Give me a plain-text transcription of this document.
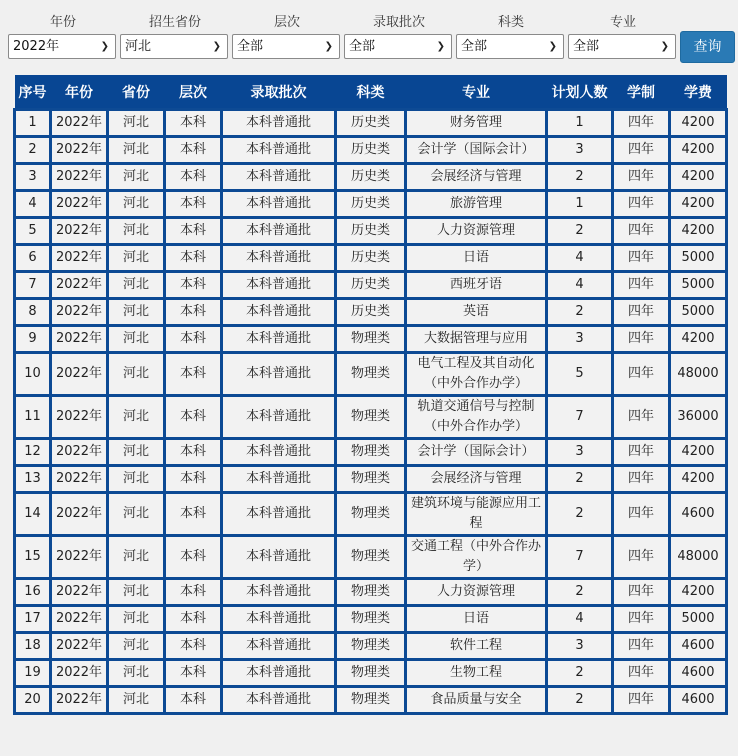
年份
2022年	❯
招生省份
河北	❯
层次
全部	❯
录取批次
全部	❯
科类
全部	❯
专业
全部	❯	查询
序号	年份	省份	层次	录取批次	科类	专业	计划人数	学制	学费
1	2022年	河北	本科	本科普通批	历史类	财务管理	1	四年	4200
2	2022年	河北	本科	本科普通批	历史类	会计学（国际会计）	3	四年	4200
3	2022年	河北	本科	本科普通批	历史类	会展经济与管理	2	四年	4200
4	2022年	河北	本科	本科普通批	历史类	旅游管理	1	四年	4200
5	2022年	河北	本科	本科普通批	历史类	人力资源管理	2	四年	4200
6	2022年	河北	本科	本科普通批	历史类	日语	4	四年	5000
7	2022年	河北	本科	本科普通批	历史类	西班牙语	4	四年	5000
8	2022年	河北	本科	本科普通批	历史类	英语	2	四年	5000
9	2022年	河北	本科	本科普通批	物理类	大数据管理与应用	3	四年	4200
10	2022年	河北	本科	本科普通批	物理类	电气工程及其自动化（中外合作办学）	5	四年	48000
11	2022年	河北	本科	本科普通批	物理类	轨道交通信号与控制（中外合作办学）	7	四年	36000
12	2022年	河北	本科	本科普通批	物理类	会计学（国际会计）	3	四年	4200
13	2022年	河北	本科	本科普通批	物理类	会展经济与管理	2	四年	4200
14	2022年	河北	本科	本科普通批	物理类	建筑环境与能源应用工程	2	四年	4600
15	2022年	河北	本科	本科普通批	物理类	交通工程（中外合作办学）	7	四年	48000
16	2022年	河北	本科	本科普通批	物理类	人力资源管理	2	四年	4200
17	2022年	河北	本科	本科普通批	物理类	日语	4	四年	5000
18	2022年	河北	本科	本科普通批	物理类	软件工程	3	四年	4600
19	2022年	河北	本科	本科普通批	物理类	生物工程	2	四年	4600
20	2022年	河北	本科	本科普通批	物理类	食品质量与安全	2	四年	4600
